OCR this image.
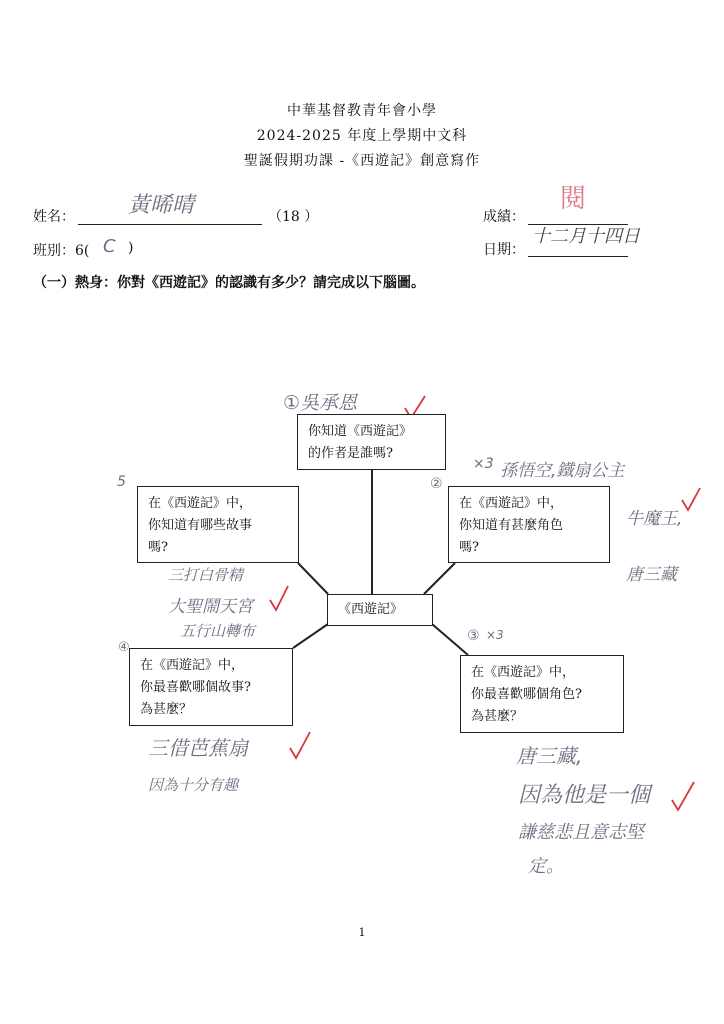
中華基督教青年會小學
2024-2025 年度上學期中文科
聖誕假期功課 -《西遊記》創意寫作
姓名： 黃晞晴	（18 ）
班別：6( C )
成績：
閱
日期：
十二月十四日
（一）熱身：你對《西遊記》的認識有多少？請完成以下腦圖。
你知道《西遊記》
的作者是誰嗎?
在《西遊記》中，
你知道有哪些故事
嗎?
在《西遊記》中，
你知道有甚麼角色
嗎?
《西遊記》
在《西遊記》中，
你最喜歡哪個故事?
為甚麼？
在《西遊記》中，
你最喜歡哪個角色?
為甚麼？
①吳承恩
5
三打白骨精
大聖鬧天宮
五行山轉布
②
×3 孫悟空,鐵扇公主
牛魔王,
唐三藏
④
三借芭蕉扇
因為十分有趣
③ ×3
唐三藏,
因為他是一個
謙慈悲且意志堅
定。
1
